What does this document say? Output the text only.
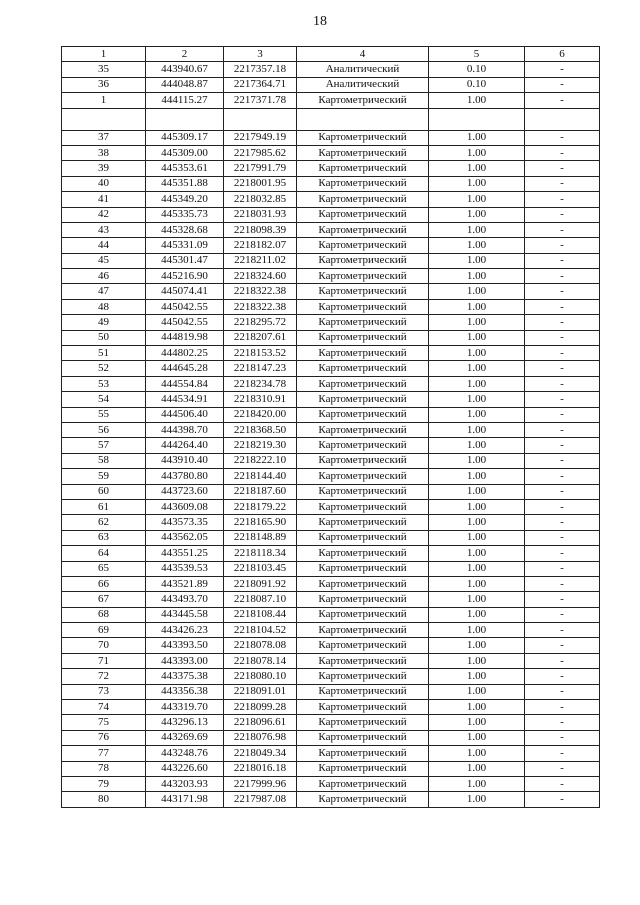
18
1	2	3	4	5	6
35	443940.67	2217357.18	Аналитический	0.10	-
36	444048.87	2217364.71	Аналитический	0.10	-
1	444115.27	2217371.78	Картометрический	1.00	-

37	445309.17	2217949.19	Картометрический	1.00	-
38	445309.00	2217985.62	Картометрический	1.00	-
39	445353.61	2217991.79	Картометрический	1.00	-
40	445351.88	2218001.95	Картометрический	1.00	-
41	445349.20	2218032.85	Картометрический	1.00	-
42	445335.73	2218031.93	Картометрический	1.00	-
43	445328.68	2218098.39	Картометрический	1.00	-
44	445331.09	2218182.07	Картометрический	1.00	-
45	445301.47	2218211.02	Картометрический	1.00	-
46	445216.90	2218324.60	Картометрический	1.00	-
47	445074.41	2218322.38	Картометрический	1.00	-
48	445042.55	2218322.38	Картометрический	1.00	-
49	445042.55	2218295.72	Картометрический	1.00	-
50	444819.98	2218207.61	Картометрический	1.00	-
51	444802.25	2218153.52	Картометрический	1.00	-
52	444645.28	2218147.23	Картометрический	1.00	-
53	444554.84	2218234.78	Картометрический	1.00	-
54	444534.91	2218310.91	Картометрический	1.00	-
55	444506.40	2218420.00	Картометрический	1.00	-
56	444398.70	2218368.50	Картометрический	1.00	-
57	444264.40	2218219.30	Картометрический	1.00	-
58	443910.40	2218222.10	Картометрический	1.00	-
59	443780.80	2218144.40	Картометрический	1.00	-
60	443723.60	2218187.60	Картометрический	1.00	-
61	443609.08	2218179.22	Картометрический	1.00	-
62	443573.35	2218165.90	Картометрический	1.00	-
63	443562.05	2218148.89	Картометрический	1.00	-
64	443551.25	2218118.34	Картометрический	1.00	-
65	443539.53	2218103.45	Картометрический	1.00	-
66	443521.89	2218091.92	Картометрический	1.00	-
67	443493.70	2218087.10	Картометрический	1.00	-
68	443445.58	2218108.44	Картометрический	1.00	-
69	443426.23	2218104.52	Картометрический	1.00	-
70	443393.50	2218078.08	Картометрический	1.00	-
71	443393.00	2218078.14	Картометрический	1.00	-
72	443375.38	2218080.10	Картометрический	1.00	-
73	443356.38	2218091.01	Картометрический	1.00	-
74	443319.70	2218099.28	Картометрический	1.00	-
75	443296.13	2218096.61	Картометрический	1.00	-
76	443269.69	2218076.98	Картометрический	1.00	-
77	443248.76	2218049.34	Картометрический	1.00	-
78	443226.60	2218016.18	Картометрический	1.00	-
79	443203.93	2217999.96	Картометрический	1.00	-
80	443171.98	2217987.08	Картометрический	1.00	-
